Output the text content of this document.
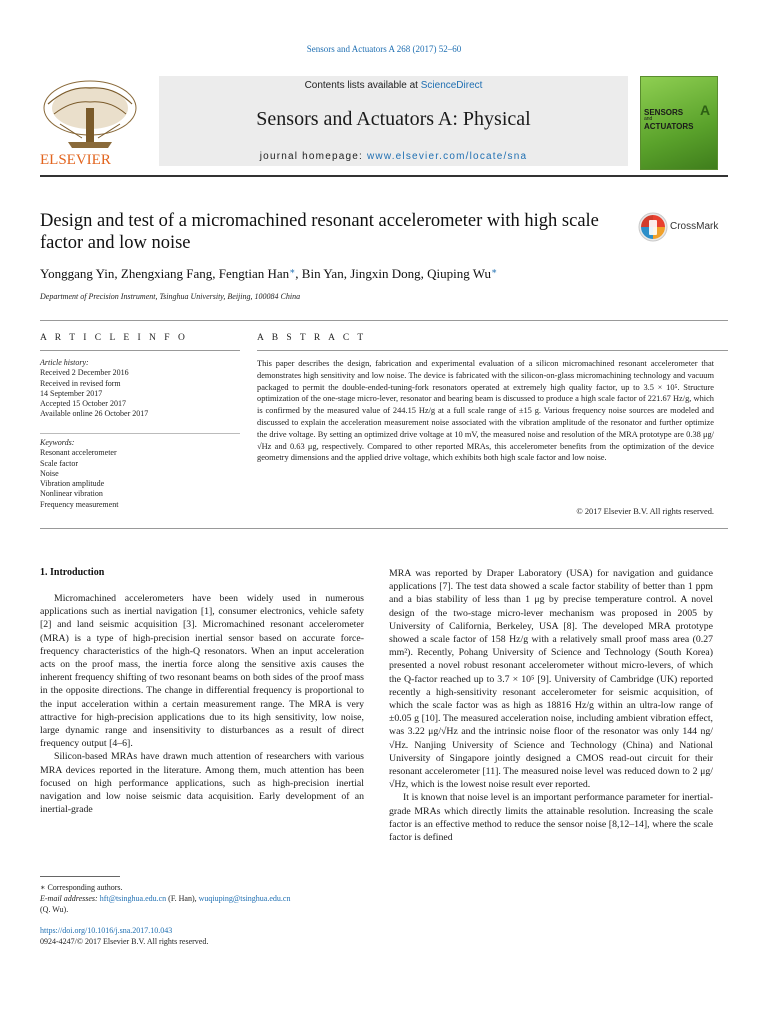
Sensors and Actuators A 268 (2017) 52–60
Contents lists available at ScienceDirect
Sensors and Actuators A: Physical
journal homepage: www.elsevier.com/locate/sna
ELSEVIER
SENSORS
and
ACTUATORS
A
Design and test of a micromachined resonant accelerometer with high scale factor and low noise
CrossMark
Yonggang Yin, Zhengxiang Fang, Fengtian Han∗, Bin Yan, Jingxin Dong, Qiuping Wu∗
Department of Precision Instrument, Tsinghua University, Beijing, 100084 China
A R T I C L E I N F O	A B S T R A C T
Article history:
Received 2 December 2016
Received in revised form
14 September 2017
Accepted 15 October 2017
Available online 26 October 2017
Keywords:
Resonant accelerometer
Scale factor
Noise
Vibration amplitude
Nonlinear vibration
Frequency measurement
This paper describes the design, fabrication and experimental evaluation of a silicon micromachined resonant accelerometer that demonstrates high sensitivity and low noise. The device is fabricated with the silicon-on-glass micromachining technology and vacuum packaged to permit the double-ended-tuning-fork resonators operated at extremely high quality factor, up to 3.5 × 10⁵. Structure optimization of the one-stage micro-lever, resonator and bearing beam is discussed to produce a high scale factor of 221.67 Hz/g, which is confirmed by the measured value of 244.15 Hz/g at a full scale range of ±15 g. Various frequency noise sources are modeled and discussed to explain the acceleration measurement noise associated with the vibration amplitude of the resonator and further optimize the drive voltage. By setting an optimized drive voltage at 10 mV, the measured noise and resolution of the MRA prototype are 0.38 μg/√Hz and 0.63 μg, respectively. Compared to other reported MRAs, this accelerometer benefits from the optimization of the device geometry dimensions and the applied drive voltage, which exhibits both high scale factor and low noise.
© 2017 Elsevier B.V. All rights reserved.
1. Introduction

Micromachined accelerometers have been widely used in numerous applications such as inertial navigation [1], consumer electronics, vehicle safety [2] and land seismic acquisition [3]. Micromachined resonant accelerometer (MRA) is a type of high-precision inertial sensor based on accurate force-frequency characteristics of the high-Q resonators. When an input acceleration acts on the proof mass, the inertia force along the sensitive axis causes the inherent frequency shifting of two resonant beams on both sides of the proof mass in the opposite directions. The change in differential frequency is proportional to the input acceleration within a certain measurement range. The MRA is very attractive for high-precision applications due to its high sensitivity, low noise, large dynamic range and insensitivity to disturbances as a result of direct frequency output [4–6].

Silicon-based MRAs have drawn much attention of researchers with various MRA devices reported in the literature. Among them, much attention has been focused on high performance applications, such as high-precision inertial navigation and low noise seismic data acquisition. Early development of an inertial-grade

MRA was reported by Draper Laboratory (USA) for navigation and guidance applications [7]. The test data showed a scale factor stability of better than 1 ppm and a bias stability of less than 1 μg by precise temperature control. A novel design of the two-stage micro-lever mechanism was proposed in 2005 by University of California, Berkeley, USA [8]. The developed MRA prototype showed a scale factor of 158 Hz/g with a relatively small proof mass area (0.27 mm²). Recently, Pohang University of Science and Technology (South Korea) presented a novel robust resonant accelerometer without micro-levers, of which the Q-factor reached up to 3.7 × 10⁵ [9]. University of Cambridge (UK) reported recently a high-sensitivity resonant accelerometer for seismic acquisition, of which the scale factor was as high as 18816 Hz/g within an ultra-low range of ±0.05 g [10]. The measured acceleration noise, including ambient vibration effect, was 3.22 μg/√Hz and the intrinsic noise floor of the resonator was only 144 ng/√Hz. Nanjing University of Science and Technology (China) and National University of Singapore jointly designed a CMOS read-out circuit for their resonant accelerometer [11]. The measured noise level was reduced down to 2 μg/√Hz, which is the lowest noise result ever reported.

It is known that noise level is an important performance parameter for inertial-grade MRAs which directly limits the attainable resolution. Increasing the scale factor is an effective method to reduce the sensor noise [8,12–14], where the scale factor is defined

∗ Corresponding authors.
E-mail addresses: hft@tsinghua.edu.cn (F. Han), wuqiuping@tsinghua.edu.cn
(Q. Wu).
https://doi.org/10.1016/j.sna.2017.10.043
0924-4247/© 2017 Elsevier B.V. All rights reserved.
